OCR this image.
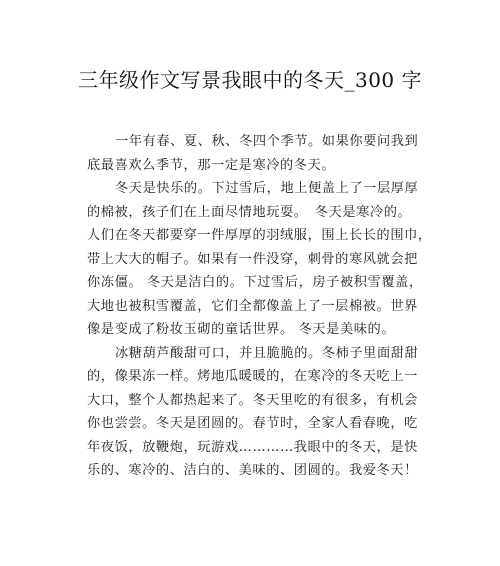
三年级作文写景我眼中的冬天_300 字
一年有春、夏、秋、冬四个季节。如果你要问我到
底最喜欢么季节，那一定是寒冷的冬天。
冬天是快乐的。下过雪后，地上便盖上了一层厚厚
的棉被，孩子们在上面尽情地玩耍。　冬天是寒冷的。
人们在冬天都要穿一件厚厚的羽绒服，围上长长的围巾，
带上大大的帽子。如果有一件没穿，刺骨的寒风就会把
你冻僵。 冬天是洁白的。下过雪后，房子被积雪覆盖，
大地也被积雪覆盖，它们全都像盖上了一层棉被。世界
像是变成了粉妆玉砌的童话世界。 冬天是美味的。
冰糖葫芦酸甜可口，并且脆脆的。冬柿子里面甜甜
的，像果冻一样。烤地瓜暖暖的，在寒冷的冬天吃上一
大口，整个人都热起来了。冬天里吃的有很多，有机会
你也尝尝。冬天是团圆的。春节时，全家人看春晚，吃
年夜饭，放鞭炮，玩游戏…………我眼中的冬天，是快
乐的、寒冷的、洁白的、美味的、团圆的。我爱冬天！
